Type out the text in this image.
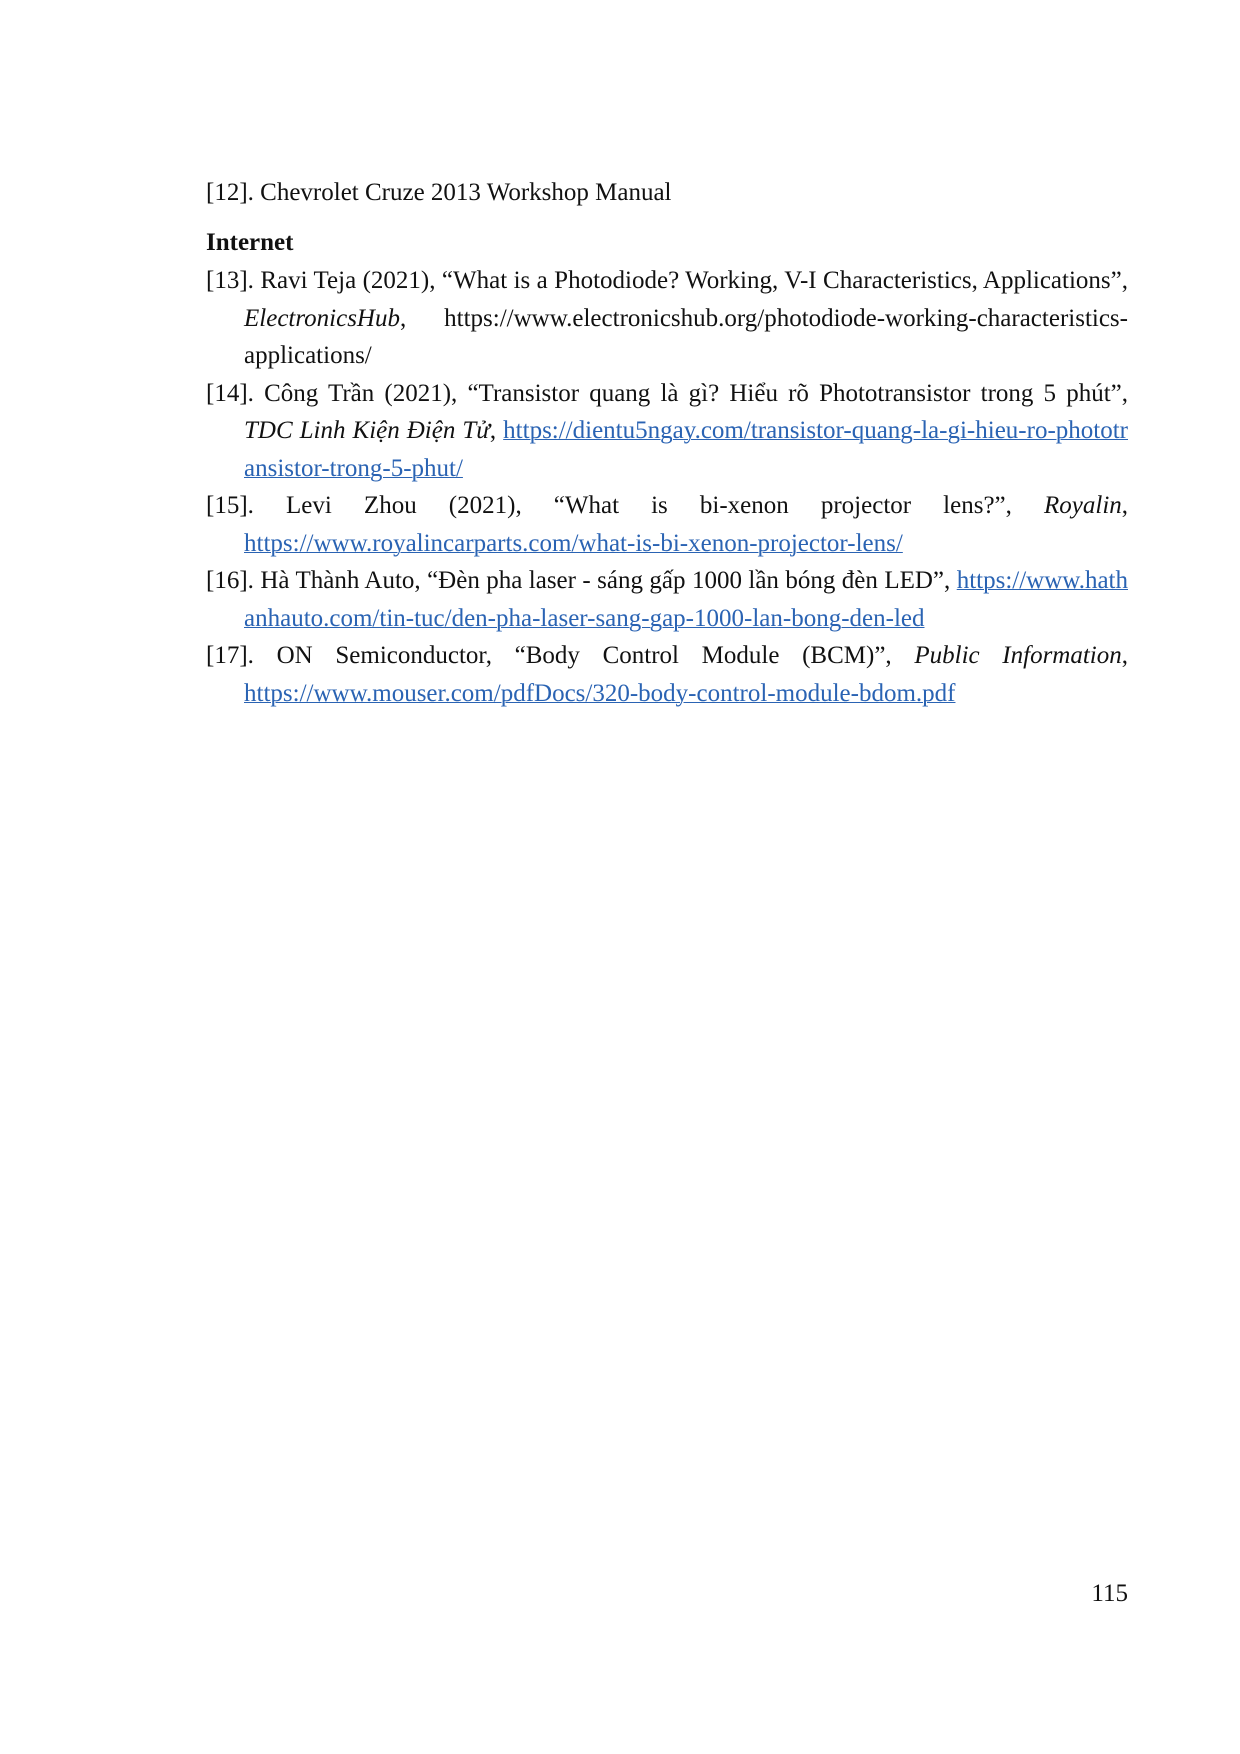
[12]. Chevrolet Cruze 2013 Workshop Manual
Internet
[13]. Ravi Teja (2021), “What is a Photodiode? Working, V-I Characteristics, Applications”, ElectronicsHub, https://www.electronicshub.org/photodiode-working-characteristics-applications/
[14]. Công Trần (2021), “Transistor quang là gì? Hiểu rõ Phototransistor trong 5 phút”, TDC Linh Kiện Điện Tử, https://dientu5ngay.com/transistor-quang-la-gi-hieu-ro-phototransistor-trong-5-phut/
[15]. Levi Zhou (2021), “What is bi-xenon projector lens?”, Royalin, https://www.royalincarparts.com/what-is-bi-xenon-projector-lens/
[16]. Hà Thành Auto, “Đèn pha laser - sáng gấp 1000 lần bóng đèn LED”, https://www.hathanhauto.com/tin-tuc/den-pha-laser-sang-gap-1000-lan-bong-den-led
[17]. ON Semiconductor, “Body Control Module (BCM)”, Public Information, https://www.mouser.com/pdfDocs/320-body-control-module-bdom.pdf
115
